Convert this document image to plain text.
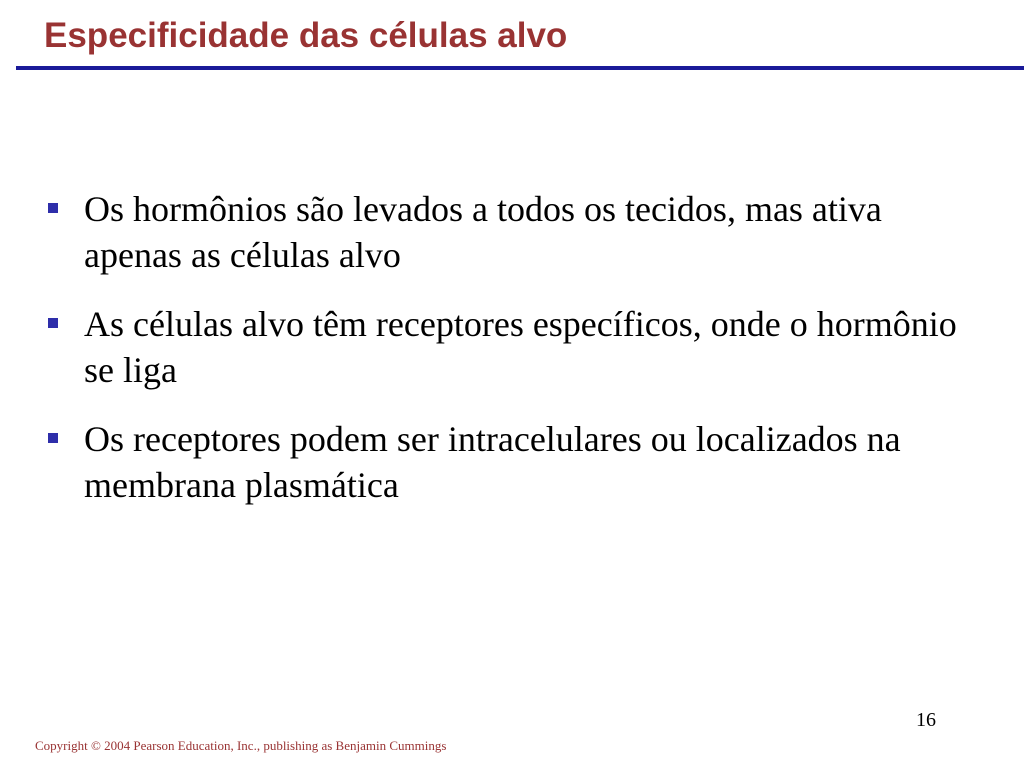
Especificidade das células alvo
Os hormônios são levados a todos os tecidos, mas ativa apenas as células alvo
As células alvo têm receptores específicos, onde o hormônio se liga
Os receptores podem ser intracelulares ou localizados na membrana plasmática
16
Copyright © 2004 Pearson Education, Inc., publishing as Benjamin Cummings
